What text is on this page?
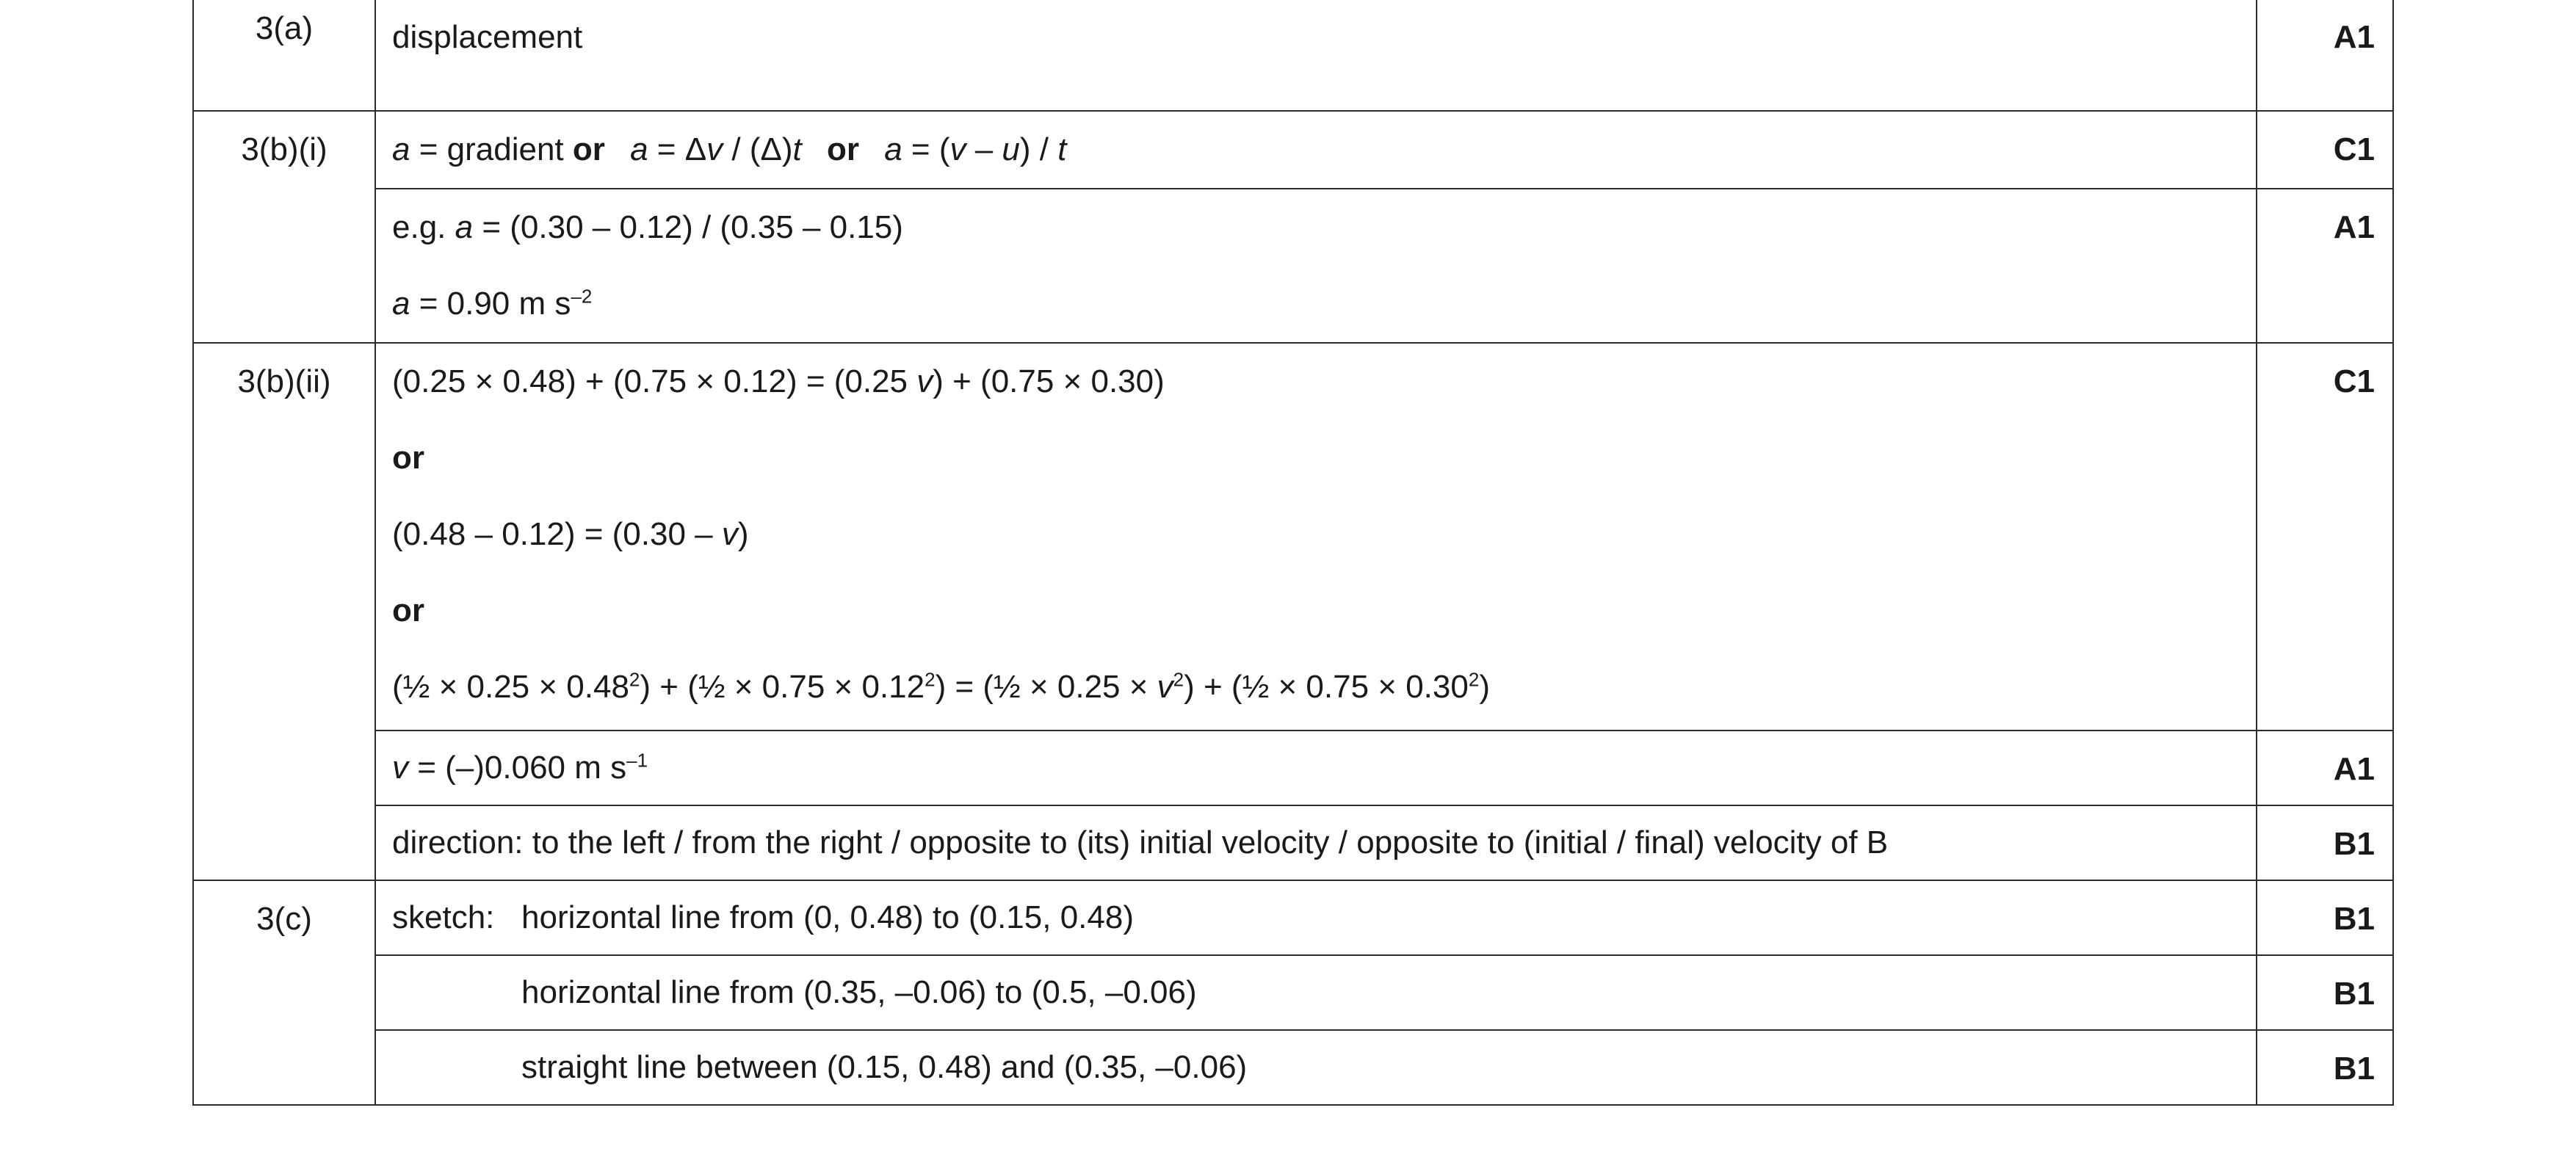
3(a)	displacement	A1

3(b)(i)	a = gradient or a = Δv / (Δ)t or a = (v – u) / t	C1

	e.g. a = (0.30 – 0.12) / (0.35 – 0.15)
a = 0.90 m $s^{-2}$	A1

3(b)(ii)	(0.25 × 0.48) + (0.75 × 0.12) = (0.25 v) + (0.75 × 0.30)
or
(0.48 – 0.12) = (0.30 – v)
or
(½ × $0.25 \times 0.48^2$) + (½ × $0.75 \times 0.12^2$) = (½ × $0.25 \times v^2$) + (½ × $0.75 \times 0.30^2$)	C1

	v = (–)0.060 m $s^{-1}$	A1

	direction: to the left / from the right / opposite to (its) initial velocity / opposite to (initial / final) velocity of B	B1

3(c)	sketch: horizontal line from (0, 0.48) to (0.15, 0.48)	B1

	horizontal line from (0.35, –0.06) to (0.5, –0.06)	B1

	straight line between (0.15, 0.48) and (0.35, –0.06)	B1
